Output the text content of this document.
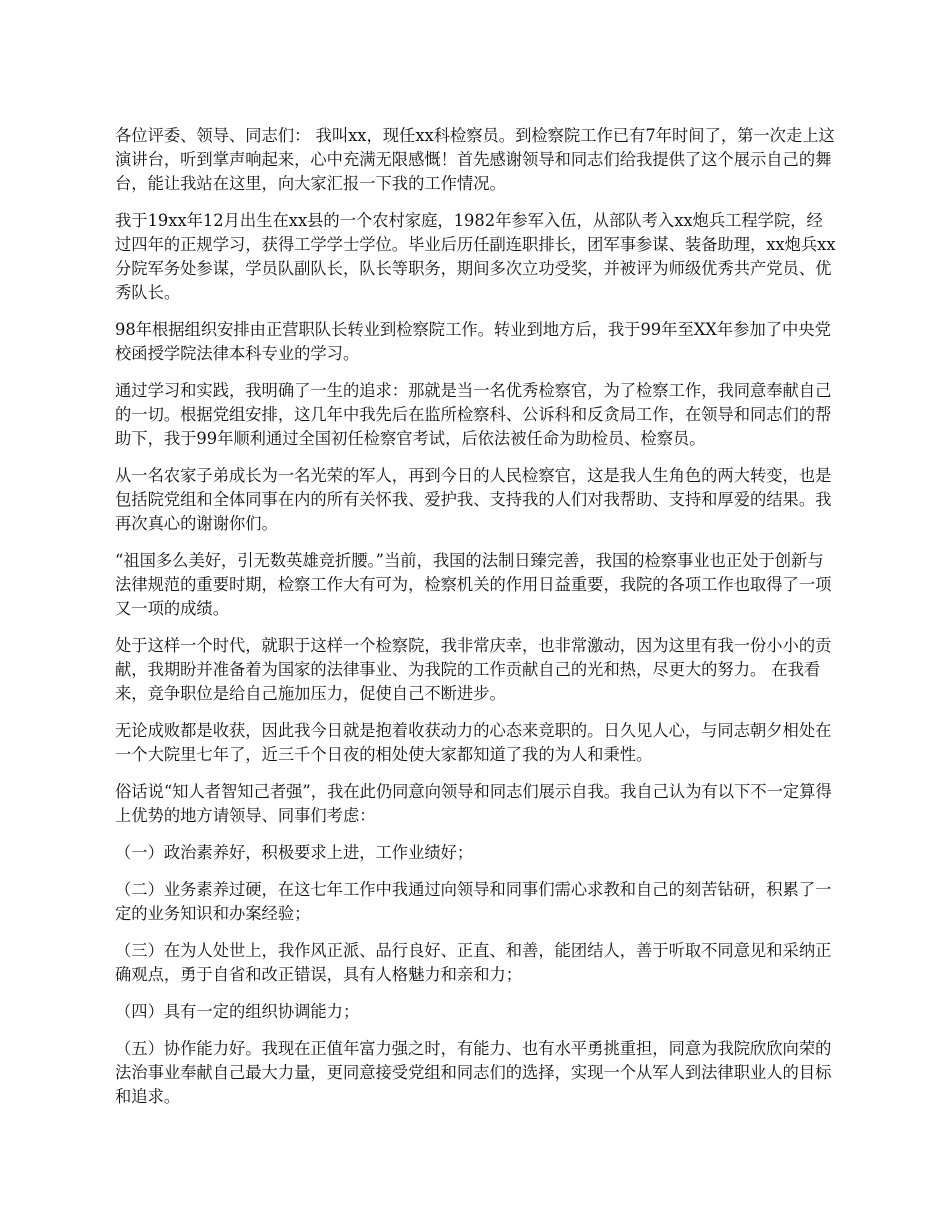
各位评委、领导、同志们： 我叫xx，现任xx科检察员。到检察院工作已有7年时间了，第一次走上这演讲台，听到掌声响起来，心中充满无限感慨！首先感谢领导和同志们给我提供了这个展示自己的舞台，能让我站在这里，向大家汇报一下我的工作情况。

我于19xx年12月出生在xx县的一个农村家庭，1982年参军入伍，从部队考入xx炮兵工程学院，经过四年的正规学习，获得工学学士学位。毕业后历任副连职排长，团军事参谋、装备助理，xx炮兵xx分院军务处参谋，学员队副队长，队长等职务，期间多次立功受奖，并被评为师级优秀共产党员、优秀队长。

98年根据组织安排由正营职队长转业到检察院工作。转业到地方后，我于99年至XX年参加了中央党校函授学院法律本科专业的学习。

通过学习和实践，我明确了一生的追求：那就是当一名优秀检察官，为了检察工作，我同意奉献自己的一切。根据党组安排，这几年中我先后在监所检察科、公诉科和反贪局工作，在领导和同志们的帮助下，我于99年顺利通过全国初任检察官考试，后依法被任命为助检员、检察员。

从一名农家子弟成长为一名光荣的军人，再到今日的人民检察官，这是我人生角色的两大转变，也是包括院党组和全体同事在内的所有关怀我、爱护我、支持我的人们对我帮助、支持和厚爱的结果。我再次真心的谢谢你们。

“祖国多么美好，引无数英雄竞折腰。”当前，我国的法制日臻完善，我国的检察事业也正处于创新与法律规范的重要时期，检察工作大有可为，检察机关的作用日益重要，我院的各项工作也取得了一项又一项的成绩。

处于这样一个时代，就职于这样一个检察院，我非常庆幸，也非常激动，因为这里有我一份小小的贡献，我期盼并准备着为国家的法律事业、为我院的工作贡献自己的光和热，尽更大的努力。 在我看来，竞争职位是给自己施加压力，促使自己不断进步。

无论成败都是收获，因此我今日就是抱着收获动力的心态来竞职的。日久见人心，与同志朝夕相处在一个大院里七年了，近三千个日夜的相处使大家都知道了我的为人和秉性。

俗话说“知人者智知己者强”，我在此仍同意向领导和同志们展示自我。我自己认为有以下不一定算得上优势的地方请领导、同事们考虑：

（一）政治素养好，积极要求上进，工作业绩好；

（二）业务素养过硬，在这七年工作中我通过向领导和同事们需心求教和自己的刻苦钻研，积累了一定的业务知识和办案经验；

（三）在为人处世上，我作风正派、品行良好、正直、和善，能团结人，善于听取不同意见和采纳正确观点，勇于自省和改正错误，具有人格魅力和亲和力；

（四）具有一定的组织协调能力；

（五）协作能力好。我现在正值年富力强之时，有能力、也有水平勇挑重担，同意为我院欣欣向荣的法治事业奉献自己最大力量，更同意接受党组和同志们的选择，实现一个从军人到法律职业人的目标和追求。
